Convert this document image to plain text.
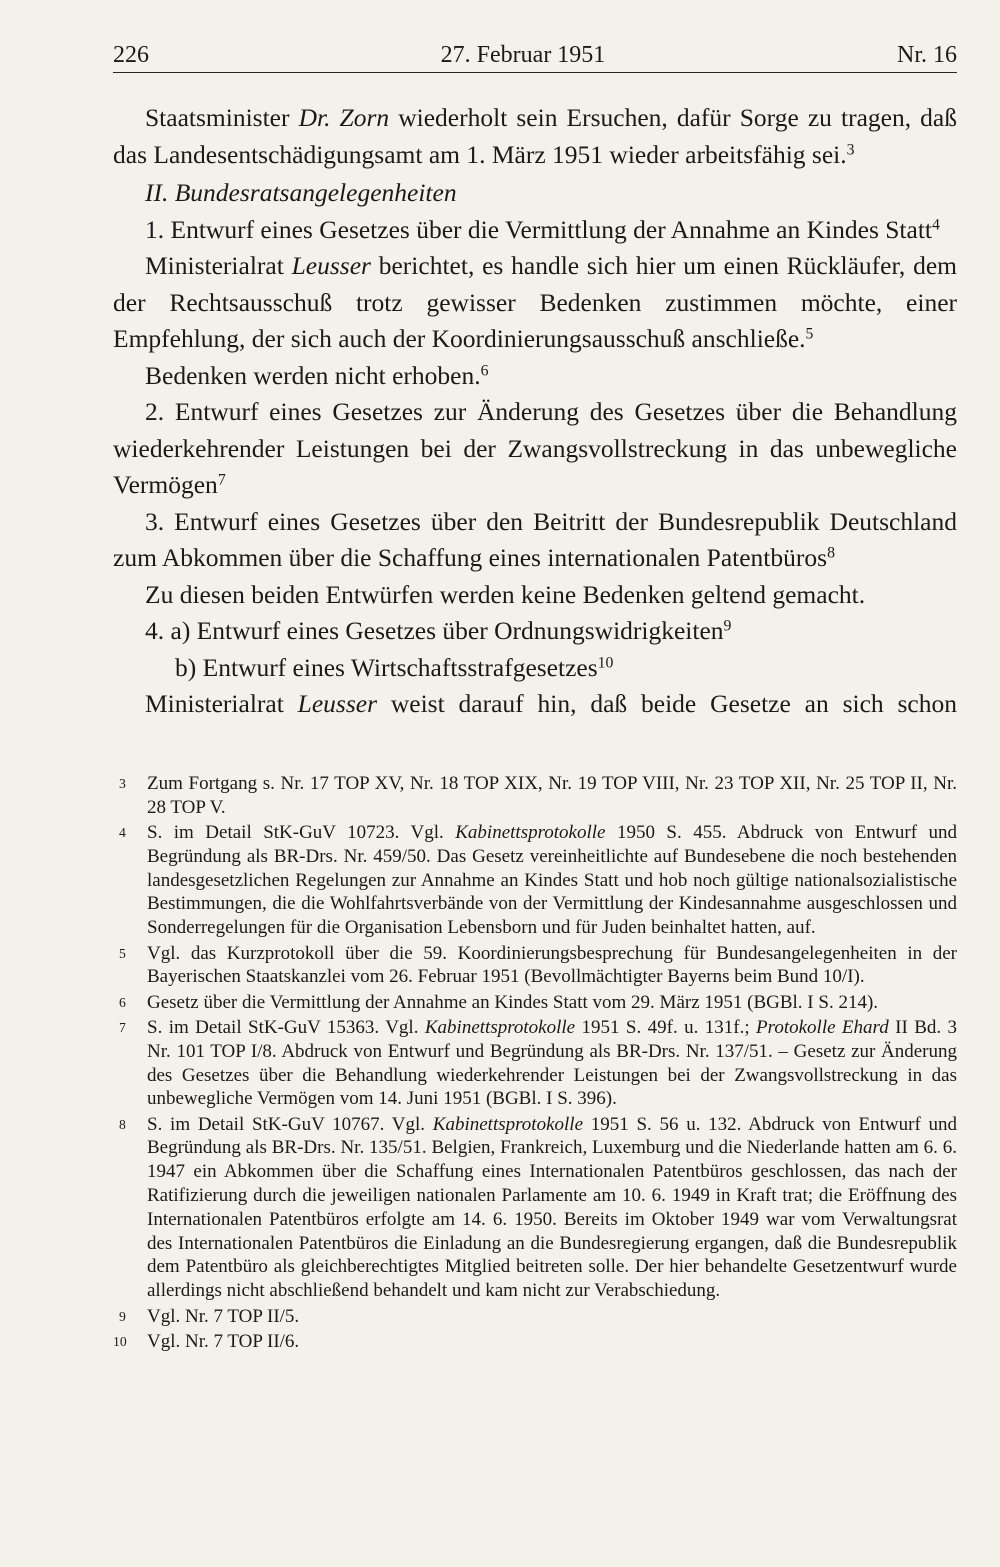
226	27. Februar 1951	Nr. 16

Staatsminister Dr. Zorn wiederholt sein Ersuchen, dafür Sorge zu tragen, daß das Landesentschädigungsamt am 1. März 1951 wieder arbeitsfähig sei.$^3$

II. Bundesratsangelegenheiten

1. Entwurf eines Gesetzes über die Vermittlung der Annahme an Kindes Statt$^4$

Ministerialrat Leusser berichtet, es handle sich hier um einen Rückläufer, dem der Rechtsausschuß trotz gewisser Bedenken zustimmen möchte, einer Empfehlung, der sich auch der Koordinierungsausschuß anschließe.$^5$

Bedenken werden nicht erhoben.$^6$

2. Entwurf eines Gesetzes zur Änderung des Gesetzes über die Behandlung wiederkehrender Leistungen bei der Zwangsvollstreckung in das unbewegliche Vermögen$^7$

3. Entwurf eines Gesetzes über den Beitritt der Bundesrepublik Deutschland zum Abkommen über die Schaffung eines internationalen Patentbüros$^8$

Zu diesen beiden Entwürfen werden keine Bedenken geltend gemacht.

4. a) Entwurf eines Gesetzes über Ordnungswidrigkeiten$^9$

b) Entwurf eines Wirtschaftsstrafgesetzes$^{10}$

Ministerialrat Leusser weist darauf hin, daß beide Gesetze an sich schon

3 Zum Fortgang s. Nr. 17 TOP XV, Nr. 18 TOP XIX, Nr. 19 TOP VIII, Nr. 23 TOP XII, Nr. 25 TOP II, Nr. 28 TOP V.

4 S. im Detail StK-GuV 10723. Vgl. Kabinettsprotokolle 1950 S. 455. Abdruck von Entwurf und Begründung als BR-Drs. Nr. 459/50. Das Gesetz vereinheitlichte auf Bundesebene die noch bestehenden landesgesetzlichen Regelungen zur Annahme an Kindes Statt und hob noch gültige nationalsozialistische Bestimmungen, die die Wohlfahrtsverbände von der Vermittlung der Kindesannahme ausgeschlossen und Sonderregelungen für die Organisation Lebensborn und für Juden beinhaltet hatten, auf.

5 Vgl. das Kurzprotokoll über die 59. Koordinierungsbesprechung für Bundesangelegenheiten in der Bayerischen Staatskanzlei vom 26. Februar 1951 (Bevollmächtigter Bayerns beim Bund 10/I).

6 Gesetz über die Vermittlung der Annahme an Kindes Statt vom 29. März 1951 (BGBl. I S. 214).

7 S. im Detail StK-GuV 15363. Vgl. Kabinettsprotokolle 1951 S. 49f. u. 131f.; Protokolle Ehard II Bd. 3 Nr. 101 TOP I/8. Abdruck von Entwurf und Begründung als BR-Drs. Nr. 137/51. – Gesetz zur Änderung des Gesetzes über die Behandlung wiederkehrender Leistungen bei der Zwangsvollstreckung in das unbewegliche Vermögen vom 14. Juni 1951 (BGBl. I S. 396).

8 S. im Detail StK-GuV 10767. Vgl. Kabinettsprotokolle 1951 S. 56 u. 132. Abdruck von Entwurf und Begründung als BR-Drs. Nr. 135/51. Belgien, Frankreich, Luxemburg und die Niederlande hatten am 6. 6. 1947 ein Abkommen über die Schaffung eines Internationalen Patentbüros geschlossen, das nach der Ratifizierung durch die jeweiligen nationalen Parlamente am 10. 6. 1949 in Kraft trat; die Eröffnung des Internationalen Patentbüros erfolgte am 14. 6. 1950. Bereits im Oktober 1949 war vom Verwaltungsrat des Internationalen Patentbüros die Einladung an die Bundesregierung ergangen, daß die Bundesrepublik dem Patentbüro als gleichberechtigtes Mitglied beitreten solle. Der hier behandelte Gesetzentwurf wurde allerdings nicht abschließend behandelt und kam nicht zur Verabschiedung.

9 Vgl. Nr. 7 TOP II/5.

10 Vgl. Nr. 7 TOP II/6.
